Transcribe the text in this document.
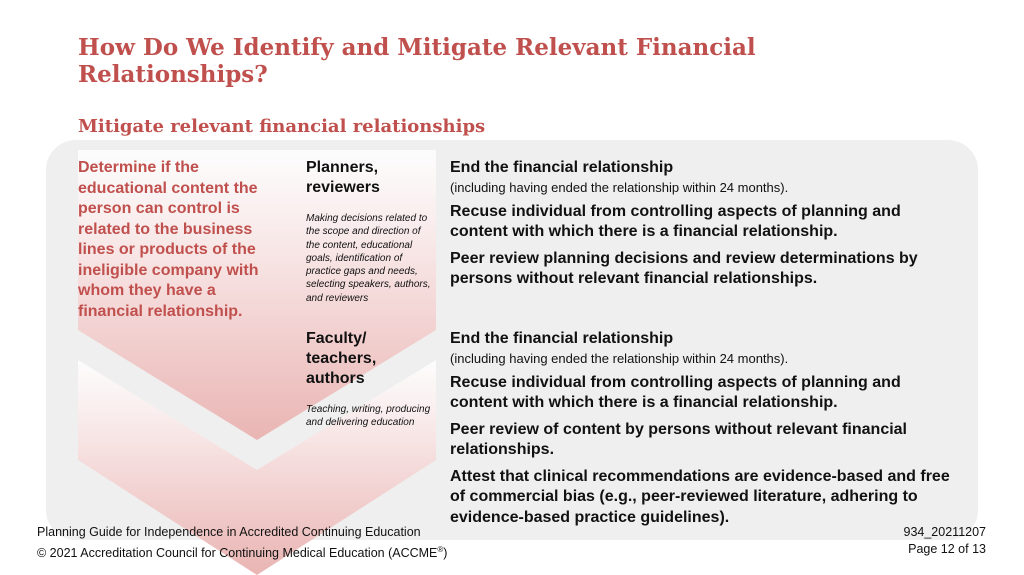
How Do We Identify and Mitigate Relevant Financial Relationships?
Mitigate relevant financial relationships
Determine if the educational content the person can control is related to the business lines or products of the ineligible company with whom they have a financial relationship.
Planners, reviewers
Making decisions related to the scope and direction of the content, educational goals, identification of practice gaps and needs, selecting speakers, authors, and reviewers
End the financial relationship
(including having ended the relationship within 24 months).
Recuse individual from controlling aspects of planning and content with which there is a financial relationship.
Peer review planning decisions and review determinations by persons without relevant financial relationships.
Faculty/ teachers, authors
Teaching, writing, producing and delivering education
End the financial relationship
(including having ended the relationship within 24 months).
Recuse individual from controlling aspects of planning and content with which there is a financial relationship.
Peer review of content by persons without relevant financial relationships.
Attest that clinical recommendations are evidence-based and free of commercial bias (e.g., peer-reviewed literature, adhering to evidence-based practice guidelines).
Planning Guide for Independence in Accredited Continuing Education
© 2021 Accreditation Council for Continuing Medical Education (ACCME®)
934_20211207
Page 12 of 13
